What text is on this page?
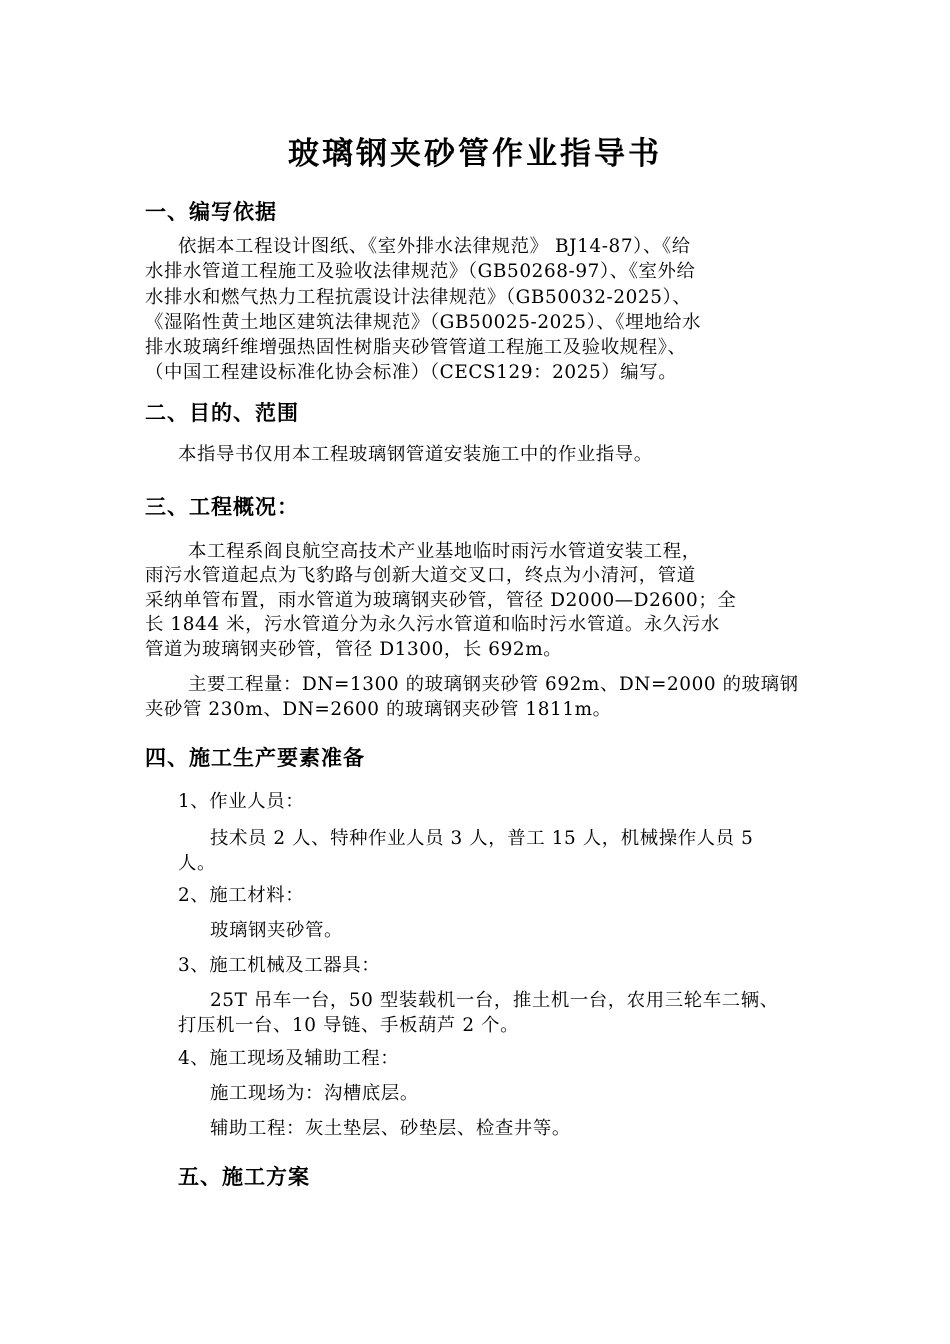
玻璃钢夹砂管作业指导书
一、编写依据
依据本工程设计图纸、《室外排水法律规范》 BJ14-87）、《给
水排水管道工程施工及验收法律规范》（GB50268-97）、《室外给
水排水和燃气热力工程抗震设计法律规范》（GB50032-2025）、
《湿陷性黄土地区建筑法律规范》（GB50025-2025）、《埋地给水
排水玻璃纤维增强热固性树脂夹砂管管道工程施工及验收规程》、
（中国工程建设标准化协会标准）（CECS129：2025）编写。
二、目的、范围
本指导书仅用本工程玻璃钢管道安装施工中的作业指导。
三、工程概况：
本工程系阎良航空高技术产业基地临时雨污水管道安装工程，
雨污水管道起点为飞豹路与创新大道交叉口，终点为小清河，管道
采纳单管布置，雨水管道为玻璃钢夹砂管，管径 D2000—D2600；全
长 1844 米，污水管道分为永久污水管道和临时污水管道。永久污水
管道为玻璃钢夹砂管，管径 D1300，长 692m。
主要工程量：DN=1300 的玻璃钢夹砂管 692m、DN=2000 的玻璃钢
夹砂管 230m、DN=2600 的玻璃钢夹砂管 1811m。
四、施工生产要素准备
1、作业人员：
技术员 2 人、特种作业人员 3 人，普工 15 人，机械操作人员 5
人。
2、施工材料：
玻璃钢夹砂管。
3、施工机械及工器具：
25T 吊车一台，50 型装载机一台，推土机一台，农用三轮车二辆、
打压机一台、10 导链、手板葫芦 2 个。
4、施工现场及辅助工程：
施工现场为：沟槽底层。
辅助工程：灰土垫层、砂垫层、检查井等。
五、施工方案
